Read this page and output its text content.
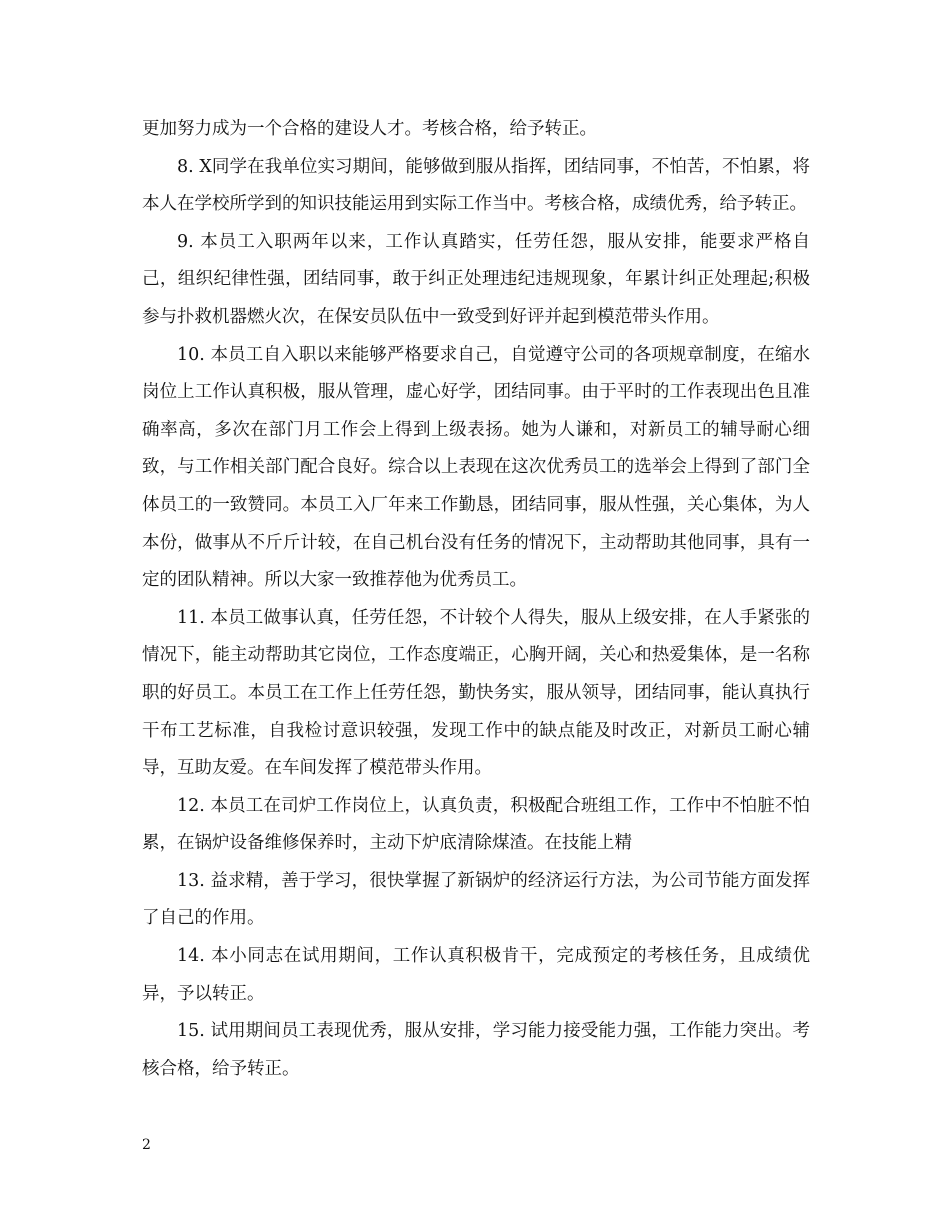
更加努力成为一个合格的建设人才。考核合格，给予转正。

8. X同学在我单位实习期间，能够做到服从指挥，团结同事，不怕苦，不怕累，将本人在学校所学到的知识技能运用到实际工作当中。考核合格，成绩优秀，给予转正。

9. 本员工入职两年以来，工作认真踏实，任劳任怨，服从安排，能要求严格自己，组织纪律性强，团结同事，敢于纠正处理违纪违规现象，年累计纠正处理起;积极参与扑救机器燃火次，在保安员队伍中一致受到好评并起到模范带头作用。

10. 本员工自入职以来能够严格要求自己，自觉遵守公司的各项规章制度，在缩水岗位上工作认真积极，服从管理，虚心好学，团结同事。由于平时的工作表现出色且准确率高，多次在部门月工作会上得到上级表扬。她为人谦和，对新员工的辅导耐心细致，与工作相关部门配合良好。综合以上表现在这次优秀员工的选举会上得到了部门全体员工的一致赞同。本员工入厂年来工作勤恳，团结同事，服从性强，关心集体，为人本份，做事从不斤斤计较，在自己机台没有任务的情况下，主动帮助其他同事，具有一定的团队精神。所以大家一致推荐他为优秀员工。

11. 本员工做事认真，任劳任怨，不计较个人得失，服从上级安排，在人手紧张的情况下，能主动帮助其它岗位，工作态度端正，心胸开阔，关心和热爱集体，是一名称职的好员工。本员工在工作上任劳任怨，勤快务实，服从领导，团结同事，能认真执行干布工艺标准，自我检讨意识较强，发现工作中的缺点能及时改正，对新员工耐心辅导，互助友爱。在车间发挥了模范带头作用。

12. 本员工在司炉工作岗位上，认真负责，积极配合班组工作，工作中不怕脏不怕累，在锅炉设备维修保养时，主动下炉底清除煤渣。在技能上精

13. 益求精，善于学习，很快掌握了新锅炉的经济运行方法，为公司节能方面发挥了自己的作用。

14. 本小同志在试用期间，工作认真积极肯干，完成预定的考核任务，且成绩优异，予以转正。

15. 试用期间员工表现优秀，服从安排，学习能力接受能力强，工作能力突出。考核合格，给予转正。

2
